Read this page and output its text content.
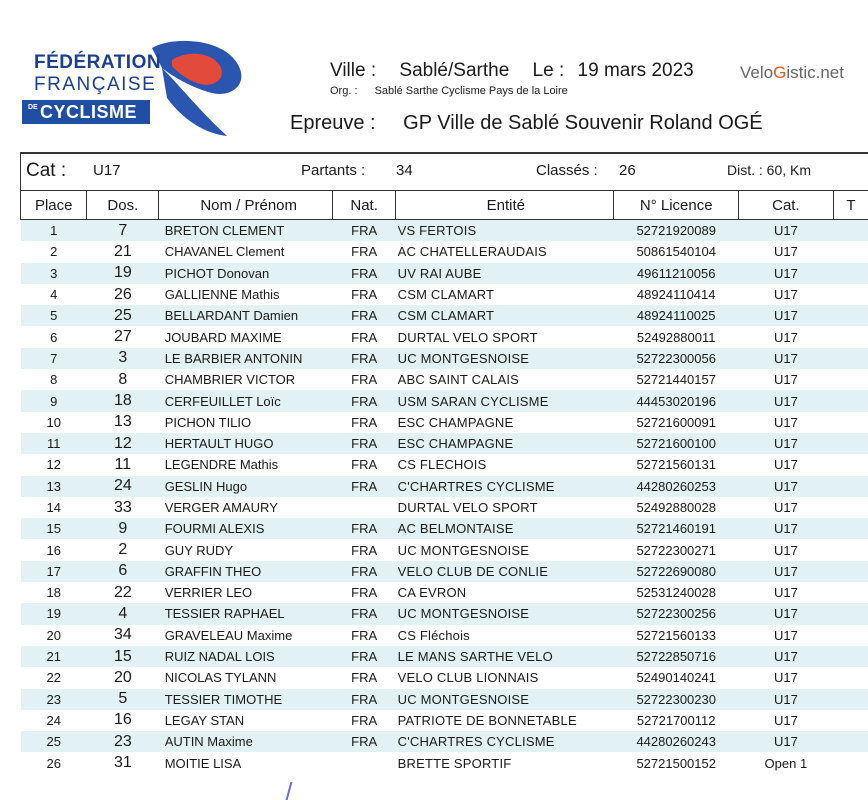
FÉDÉRATION
FRANÇAISE
DE CYCLISME
Ville : Sablé/Sarthe Le : 19 mars 2023	VeloGistic.net
Org. : Sablé Sarthe Cyclisme Pays de la Loire
Epreuve : GP Ville de Sablé Souvenir Roland OGÉ
Cat : U17	Partants : 34	Classés : 26	Dist. : 60, Km
Place	Dos.	Nom / Prénom	Nat.	Entité	N° Licence	Cat.	T
1	7	BRETON CLEMENT	FRA	VS FERTOIS	52721920089	U17	
2	21	CHAVANEL Clement	FRA	AC CHATELLERAUDAIS	50861540104	U17	
3	19	PICHOT Donovan	FRA	UV RAI AUBE	49611210056	U17	
4	26	GALLIENNE Mathis	FRA	CSM CLAMART	48924110414	U17	
5	25	BELLARDANT Damien	FRA	CSM CLAMART	48924110025	U17	
6	27	JOUBARD MAXIME	FRA	DURTAL VELO SPORT	52492880011	U17	
7	3	LE BARBIER ANTONIN	FRA	UC MONTGESNOISE	52722300056	U17	
8	8	CHAMBRIER VICTOR	FRA	ABC SAINT CALAIS	52721440157	U17	
9	18	CERFEUILLET Loïc	FRA	USM SARAN CYCLISME	44453020196	U17	
10	13	PICHON TILIO	FRA	ESC CHAMPAGNE	52721600091	U17	
11	12	HERTAULT HUGO	FRA	ESC CHAMPAGNE	52721600100	U17	
12	11	LEGENDRE Mathis	FRA	CS FLECHOIS	52721560131	U17	
13	24	GESLIN Hugo	FRA	C'CHARTRES CYCLISME	44280260253	U17	
14	33	VERGER AMAURY		DURTAL VELO SPORT	52492880028	U17	
15	9	FOURMI ALEXIS	FRA	AC BELMONTAISE	52721460191	U17	
16	2	GUY RUDY	FRA	UC MONTGESNOISE	52722300271	U17	
17	6	GRAFFIN THEO	FRA	VELO CLUB DE CONLIE	52722690080	U17	
18	22	VERRIER LEO	FRA	CA EVRON	52531240028	U17	
19	4	TESSIER RAPHAEL	FRA	UC MONTGESNOISE	52722300256	U17	
20	34	GRAVELEAU Maxime	FRA	CS Fléchois	52721560133	U17	
21	15	RUIZ NADAL LOIS	FRA	LE MANS SARTHE VELO	52722850716	U17	
22	20	NICOLAS TYLANN	FRA	VELO CLUB LIONNAIS	52490140241	U17	
23	5	TESSIER TIMOTHE	FRA	UC MONTGESNOISE	52722300230	U17	
24	16	LEGAY STAN	FRA	PATRIOTE DE BONNETABLE	52721700112	U17	
25	23	AUTIN Maxime	FRA	C'CHARTRES CYCLISME	44280260243	U17	
26	31	MOITIE LISA		BRETTE SPORTIF	52721500152	Open 1	
